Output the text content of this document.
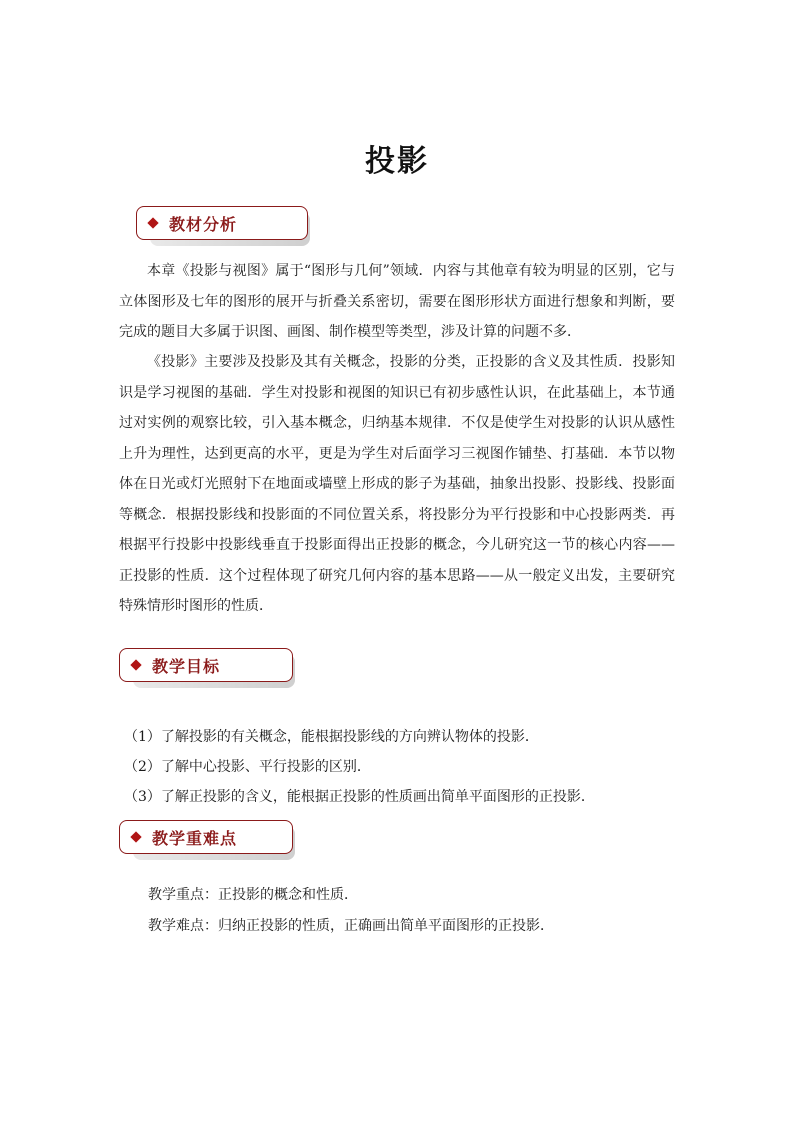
投影
教材分析

本章《投影与视图》属于“图形与几何”领域．内容与其他章有较为明显的区别，它与立体图形及七年的图形的展开与折叠关系密切，需要在图形形状方面进行想象和判断，要完成的题目大多属于识图、画图、制作模型等类型，涉及计算的问题不多．

《投影》主要涉及投影及其有关概念，投影的分类，正投影的含义及其性质．投影知识是学习视图的基础．学生对投影和视图的知识已有初步感性认识，在此基础上，本节通过对实例的观察比较，引入基本概念，归纳基本规律．不仅是使学生对投影的认识从感性上升为理性，达到更高的水平，更是为学生对后面学习三视图作铺垫、打基础．本节以物体在日光或灯光照射下在地面或墙壁上形成的影子为基础，抽象出投影、投影线、投影面等概念．根据投影线和投影面的不同位置关系，将投影分为平行投影和中心投影两类．再根据平行投影中投影线垂直于投影面得出正投影的概念，今儿研究这一节的核心内容——正投影的性质．这个过程体现了研究几何内容的基本思路——从一般定义出发，主要研究特殊情形时图形的性质．

教学目标
（1）了解投影的有关概念，能根据投影线的方向辨认物体的投影．
（2）了解中心投影、平行投影的区别．
（3）了解正投影的含义，能根据正投影的性质画出简单平面图形的正投影．
教学重难点
教学重点：正投影的概念和性质．
教学难点：归纳正投影的性质，正确画出简单平面图形的正投影．
